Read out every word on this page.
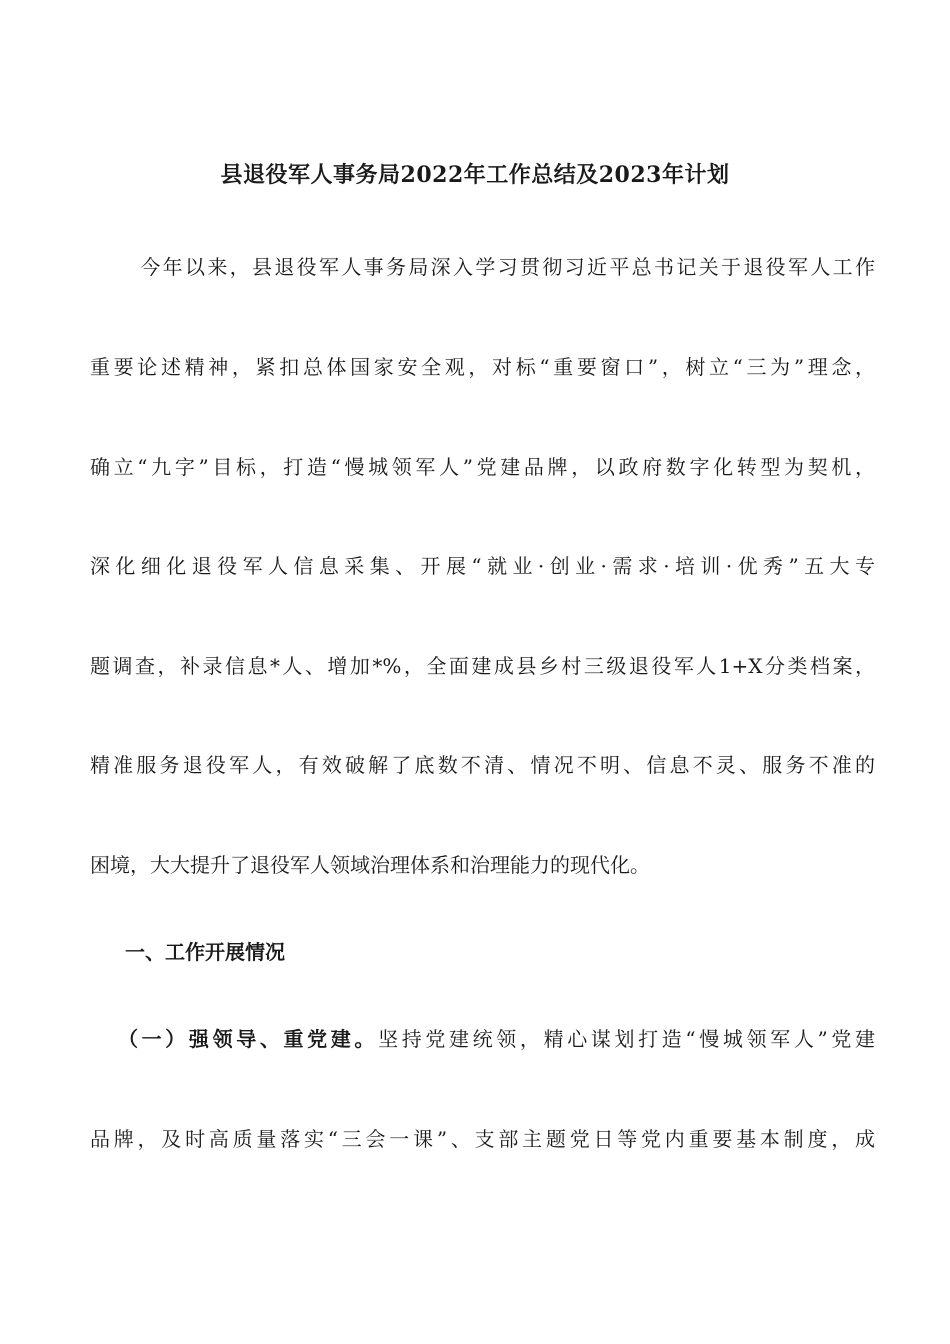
县退役军人事务局2022年工作总结及2023年计划
　今年以来，县退役军人事务局深入学习贯彻习近平总书记关于退役军人工作
重要论述精神，紧扣总体国家安全观，对标“重要窗口”，树立“三为”理念，
确立“九字”目标，打造“慢城领军人”党建品牌，以政府数字化转型为契机，
深化细化退役军人信息采集、开展“就业·创业·需求·培训·优秀”五大专
题调查，补录信息*人、增加*%，全面建成县乡村三级退役军人1+X分类档案，
精准服务退役军人，有效破解了底数不清、情况不明、信息不灵、服务不准的
困境，大大提升了退役军人领域治理体系和治理能力的现代化。
一、工作开展情况
（一）强领导、重党建。坚持党建统领，精心谋划打造“慢城领军人”党建
品牌，及时高质量落实“三会一课”、支部主题党日等党内重要基本制度，成
